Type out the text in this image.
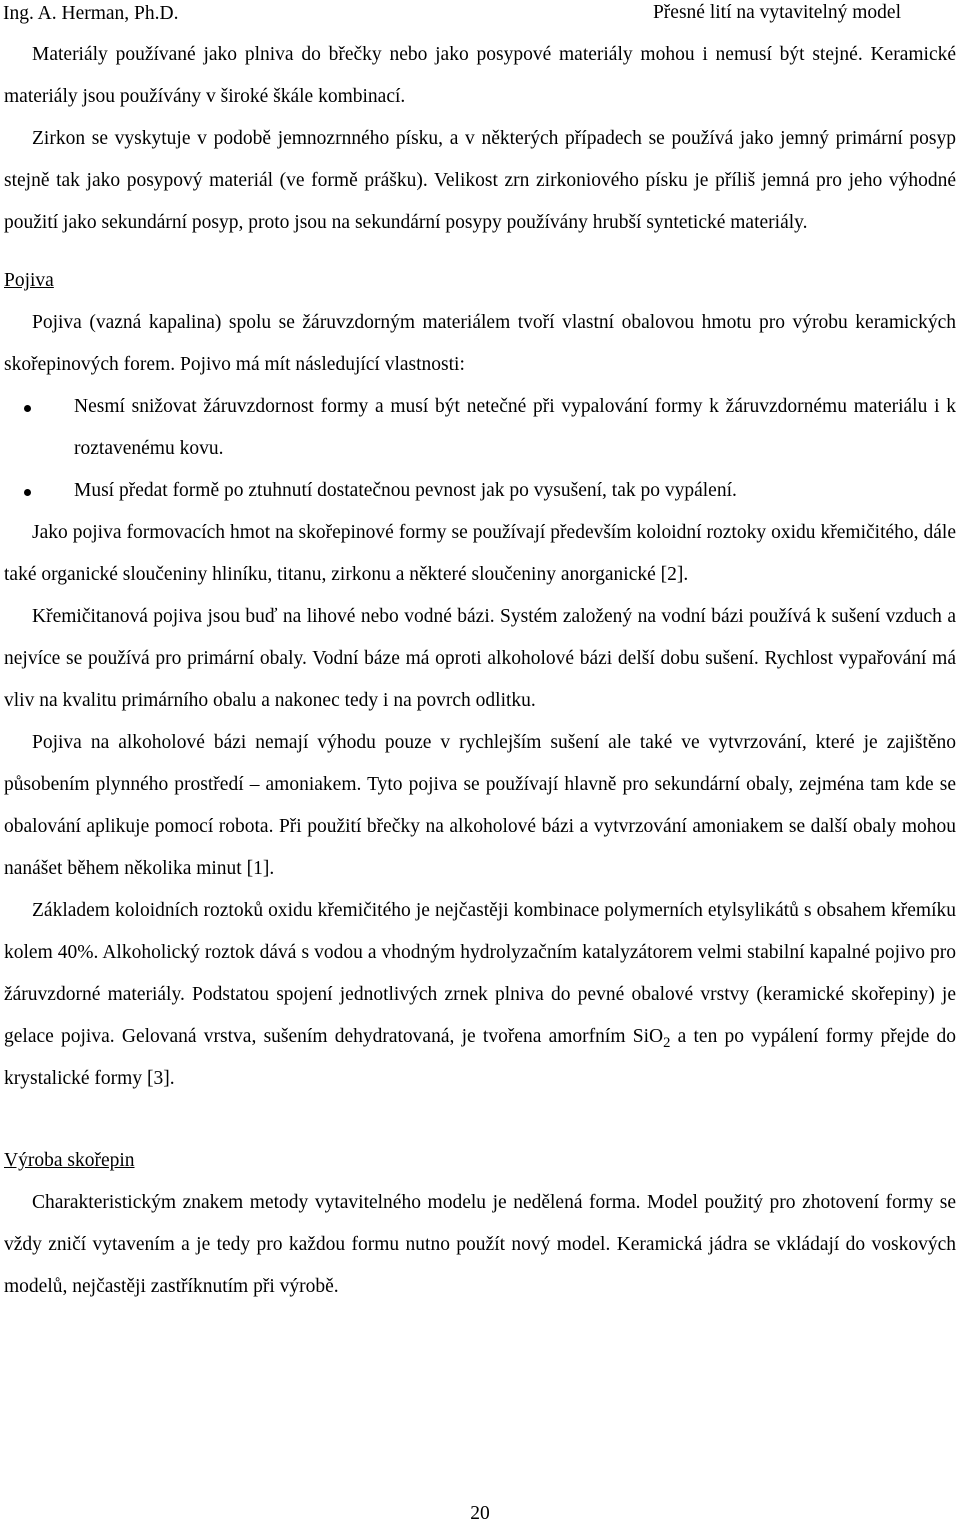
Ing. A. Herman, Ph.D.	Přesné lití na vytavitelný model

Materiály používané jako plniva do břečky nebo jako posypové materiály mohou i nemusí být stejné. Keramické materiály jsou používány v široké škále kombinací.

Zirkon se vyskytuje v podobě jemnozrnného písku, a v některých případech se používá jako jemný primární posyp stejně tak jako posypový materiál (ve formě prášku). Velikost zrn zirkoniového písku je příliš jemná pro jeho výhodné použití jako sekundární posyp, proto jsou na sekundární posypy používány hrubší syntetické materiály.

Pojiva

Pojiva (vazná kapalina) spolu se žáruvzdorným materiálem tvoří vlastní obalovou hmotu pro výrobu keramických skořepinových forem. Pojivo má mít následující vlastnosti:

Nesmí snižovat žáruvzdornost formy a musí být netečné při vypalování formy k žáruvzdornému materiálu i k roztavenému kovu.
Musí předat formě po ztuhnutí dostatečnou pevnost jak po vysušení, tak po vypálení.

Jako pojiva formovacích hmot na skořepinové formy se používají především koloidní roztoky oxidu křemičitého, dále také organické sloučeniny hliníku, titanu, zirkonu a některé sloučeniny anorganické [2].

Křemičitanová pojiva jsou buď na lihové nebo vodné bázi. Systém založený na vodní bázi používá k sušení vzduch a nejvíce se používá pro primární obaly. Vodní báze má oproti alkoholové bázi delší dobu sušení. Rychlost vypařování má vliv na kvalitu primárního obalu a nakonec tedy i na povrch odlitku.

Pojiva na alkoholové bázi nemají výhodu pouze v rychlejším sušení ale také ve vytvrzování, které je zajištěno působením plynného prostředí – amoniakem. Tyto pojiva se používají hlavně pro sekundární obaly, zejména tam kde se obalování aplikuje pomocí robota. Při použití břečky na alkoholové bázi a vytvrzování amoniakem se další obaly mohou nanášet během několika minut [1].

Základem koloidních roztoků oxidu křemičitého je nejčastěji kombinace polymerních etylsylikátů s obsahem křemíku kolem 40%. Alkoholický roztok dává s vodou a vhodným hydrolyzačním katalyzátorem velmi stabilní kapalné pojivo pro žáruvzdorné materiály. Podstatou spojení jednotlivých zrnek plniva do pevné obalové vrstvy (keramické skořepiny) je gelace pojiva. Gelovaná vrstva, sušením dehydratovaná, je tvořena amorfním SiO$_2$ a ten po vypálení formy přejde do krystalické formy [3].

Výroba skořepin

Charakteristickým znakem metody vytavitelného modelu je nedělená forma. Model použitý pro zhotovení formy se vždy zničí vytavením a je tedy pro každou formu nutno použít nový model. Keramická jádra se vkládají do voskových modelů, nejčastěji zastříknutím při výrobě.

20
